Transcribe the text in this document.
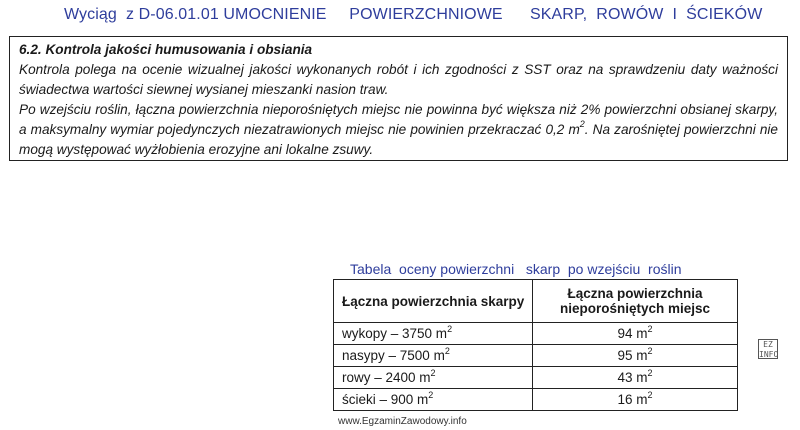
Wyciąg  z D-06.01.01 UMOCNIENIE     POWIERZCHNIOWE      SKARP,  ROWÓW  I  ŚCIEKÓW

6.2. Kontrola jakości humusowania i obsiania

Kontrola polega na ocenie wizualnej jakości wykonanych robót i ich zgodności z SST oraz na sprawdzeniu daty ważności świadectwa wartości siewnej wysianej mieszanki nasion traw.

Po wzejściu roślin, łączna powierzchnia nieporośniętych miejsc nie powinna być większa niż 2% powierzchni obsianej skarpy, a maksymalny wymiar pojedynczych niezatrawionych miejsc nie powinien przekraczać 0,2 $m^2$. Na zarośniętej powierzchni nie mogą występować wyżłobienia erozyjne ani lokalne zsuwy.

Tabela  oceny powierzchni   skarp  po wzejściu  roślin
Łączna powierzchnia skarpy	Łączna powierzchnia nieporośniętych miejsc
wykopy – 3750 $m^2$	94 $m^2$
nasypy – 7500 $m^2$	95 $m^2$
rowy – 2400 $m^2$	43 $m^2$
ścieki – 900 $m^2$	16 $m^2$
EZ INFO
www.EgzaminZawodowy.info
